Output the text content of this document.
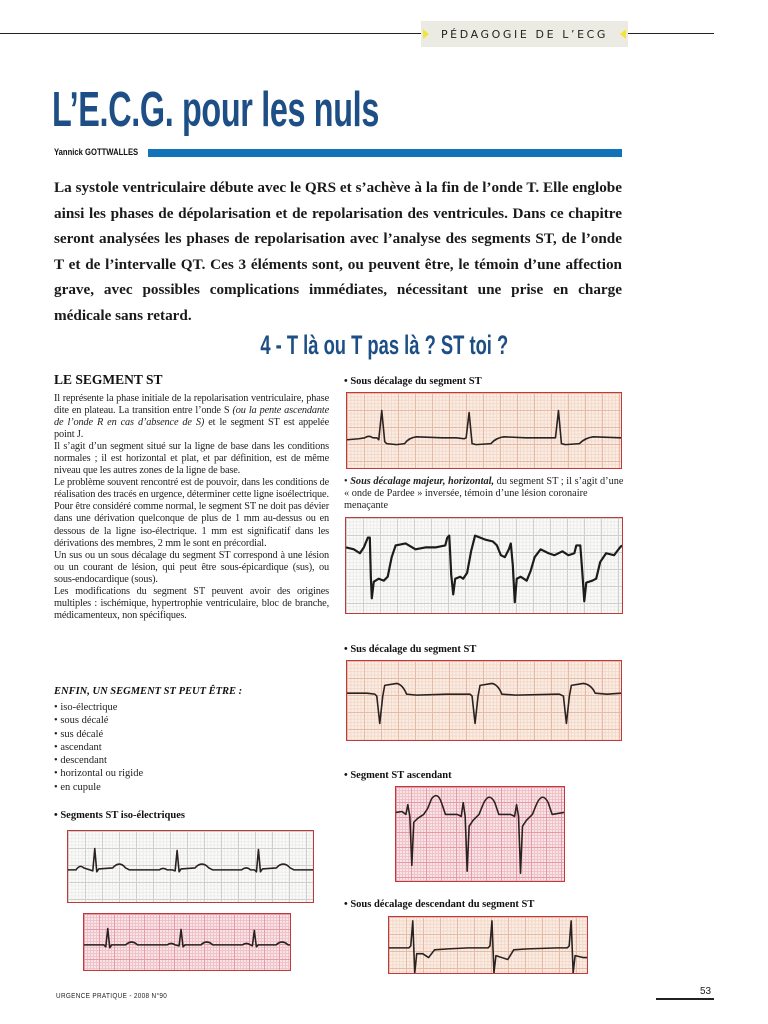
PÉDAGOGIE DE L’ECG
L’E.C.G. pour les nuls
Yannick GOTTWALLES
La systole ventriculaire débute avec le QRS et s’achève à la fin de l’onde T. Elle englobe ainsi les phases de dépolarisation et de repolarisation des ventricules. Dans ce chapitre seront analysées les phases de repolarisation avec l’analyse des segments ST, de l’onde T et de l’intervalle QT. Ces 3 éléments sont, ou peuvent être, le témoin d’une affection grave, avec possibles complications immédiates, nécessitant une prise en charge médicale sans retard.
4 - T là ou T pas là ? ST toi ?
LE SEGMENT ST

Il représente la phase initiale de la repolarisation ventriculaire, phase dite en plateau. La transition entre l’onde S (ou la pente ascendante de l’onde R en cas d’absence de S) et le segment ST est appelée point J.

Il s’agit d’un segment situé sur la ligne de base dans les conditions normales ; il est horizontal et plat, et par définition, est de même niveau que les autres zones de la ligne de base.

Le problème souvent rencontré est de pouvoir, dans les conditions de réalisation des tracés en urgence, déterminer cette ligne isoélectrique.

Pour être considéré comme normal, le segment ST ne doit pas dévier dans une dérivation quelconque de plus de 1 mm au-dessus ou en dessous de la ligne iso-électrique. 1 mm est significatif dans les dérivations des membres, 2 mm le sont en précordial.

Un sus ou un sous décalage du segment ST correspond à une lésion ou un courant de lésion, qui peut être sous-épicardique (sus), ou sous-endocardique (sous).

Les modifications du segment ST peuvent avoir des origines multiples : ischémique, hypertrophie ventriculaire, bloc de branche, médicamenteux, non spécifiques.

ENFIN, UN SEGMENT ST PEUT ÊTRE :
• iso-électrique
• sous décalé
• sus décalé
• ascendant
• descendant
• horizontal ou rigide
• en cupule
• Segments ST iso-électriques
• Sous décalage du segment ST
• Sous décalage majeur, horizontal, du segment ST ; il s’agit d’une « onde de Pardee » inversée, témoin d’une lésion coronaire menaçante
• Sus décalage du segment ST
• Segment ST ascendant
• Sous décalage descendant du segment ST
URGENCE PRATIQUE - 2008 N°90	53
